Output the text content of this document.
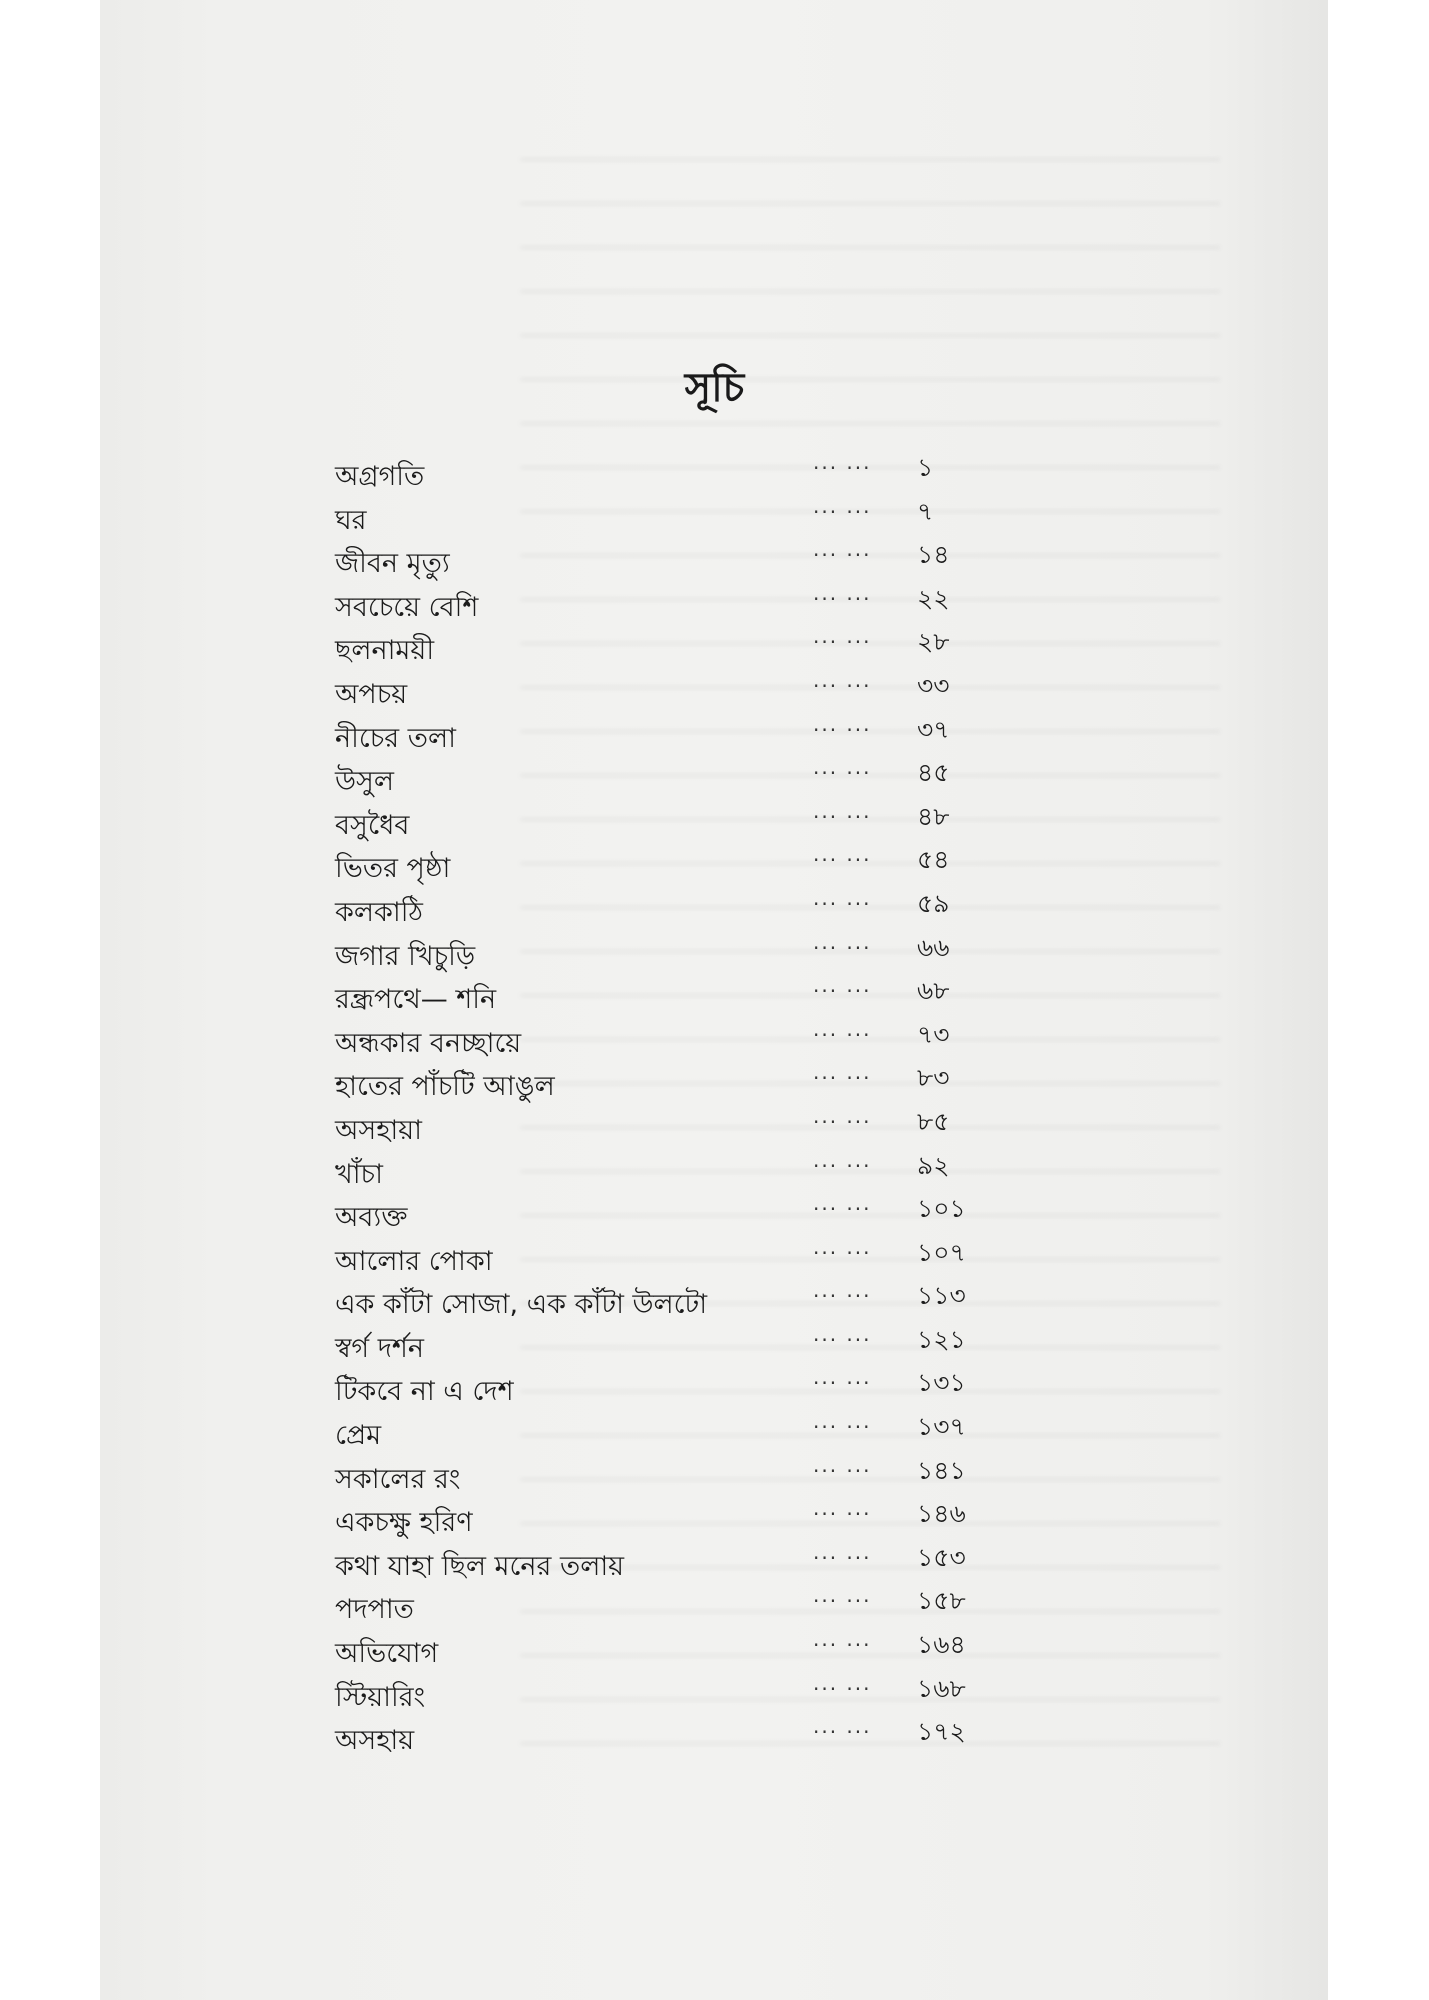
সূচি
অগ্রগতি	... ... ১
ঘর	... ... ৭
জীবন মৃত্যু	... ... ১৪
সবচেয়ে বেশি	... ... ২২
ছলনাময়ী	... ... ২৮
অপচয়	... ... ৩৩
নীচের তলা	... ... ৩৭
উসুল	... ... ৪৫
বসুধৈব	... ... ৪৮
ভিতর পৃষ্ঠা	... ... ৫৪
কলকাঠি	... ... ৫৯
জগার খিচুড়ি	... ... ৬৬
রন্ধ্রপথে— শনি	... ... ৬৮
অন্ধকার বনচ্ছায়ে	... ... ৭৩
হাতের পাঁচটি আঙুল	... ... ৮৩
অসহায়া	... ... ৮৫
খাঁচা	... ... ৯২
অব্যক্ত	... ... ১০১
আলোর পোকা	... ... ১০৭
এক কাঁটা সোজা, এক কাঁটা উলটো	... ... ১১৩
স্বর্গ দর্শন	... ... ১২১
টিকবে না এ দেশ	... ... ১৩১
প্রেম	... ... ১৩৭
সকালের রং	... ... ১৪১
একচক্ষু হরিণ	... ... ১৪৬
কথা যাহা ছিল মনের তলায়	... ... ১৫৩
পদপাত	... ... ১৫৮
অভিযোগ	... ... ১৬৪
স্টিয়ারিং	... ... ১৬৮
অসহায়	... ... ১৭২
